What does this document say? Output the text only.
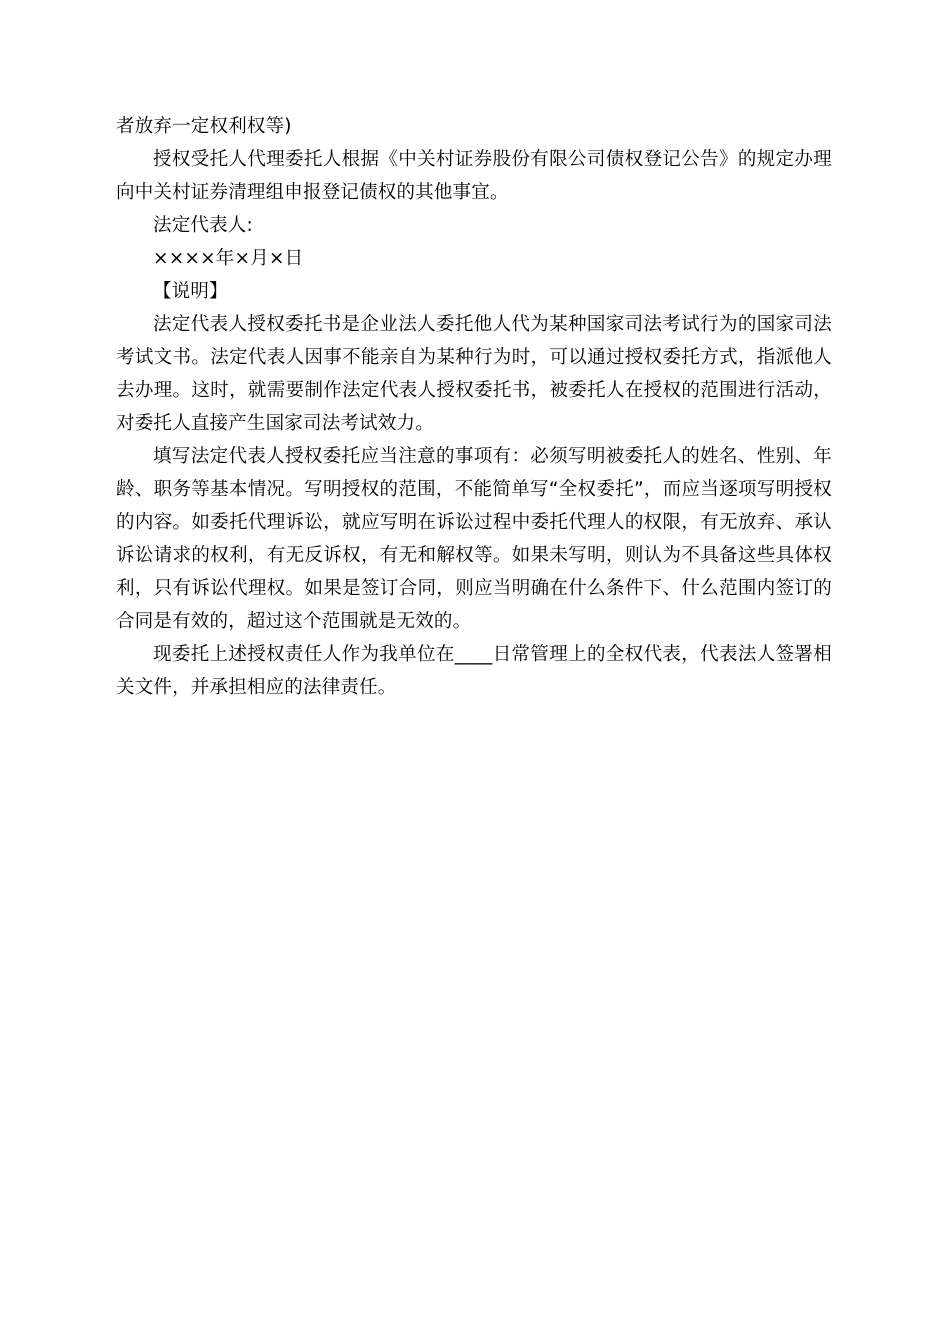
者放弃一定权利权等)

授权受托人代理委托人根据《中关村证券股份有限公司债权登记公告》的规定办理向中关村证券清理组申报登记债权的其他事宜。

法定代表人:

××××年×月×日

【说明】

法定代表人授权委托书是企业法人委托他人代为某种国家司法考试行为的国家司法考试文书。法定代表人因事不能亲自为某种行为时，可以通过授权委托方式，指派他人去办理。这时，就需要制作法定代表人授权委托书，被委托人在授权的范围进行活动，对委托人直接产生国家司法考试效力。

填写法定代表人授权委托应当注意的事项有：必须写明被委托人的姓名、性别、年龄、职务等基本情况。写明授权的范围，不能简单写“全权委托”，而应当逐项写明授权的内容。如委托代理诉讼，就应写明在诉讼过程中委托代理人的权限，有无放弃、承认诉讼请求的权利，有无反诉权，有无和解权等。如果未写明，则认为不具备这些具体权利，只有诉讼代理权。如果是签订合同，则应当明确在什么条件下、什么范围内签订的合同是有效的，超过这个范围就是无效的。

现委托上述授权责任人作为我单位在____日常管理上的全权代表，代表法人签署相关文件，并承担相应的法律责任。
